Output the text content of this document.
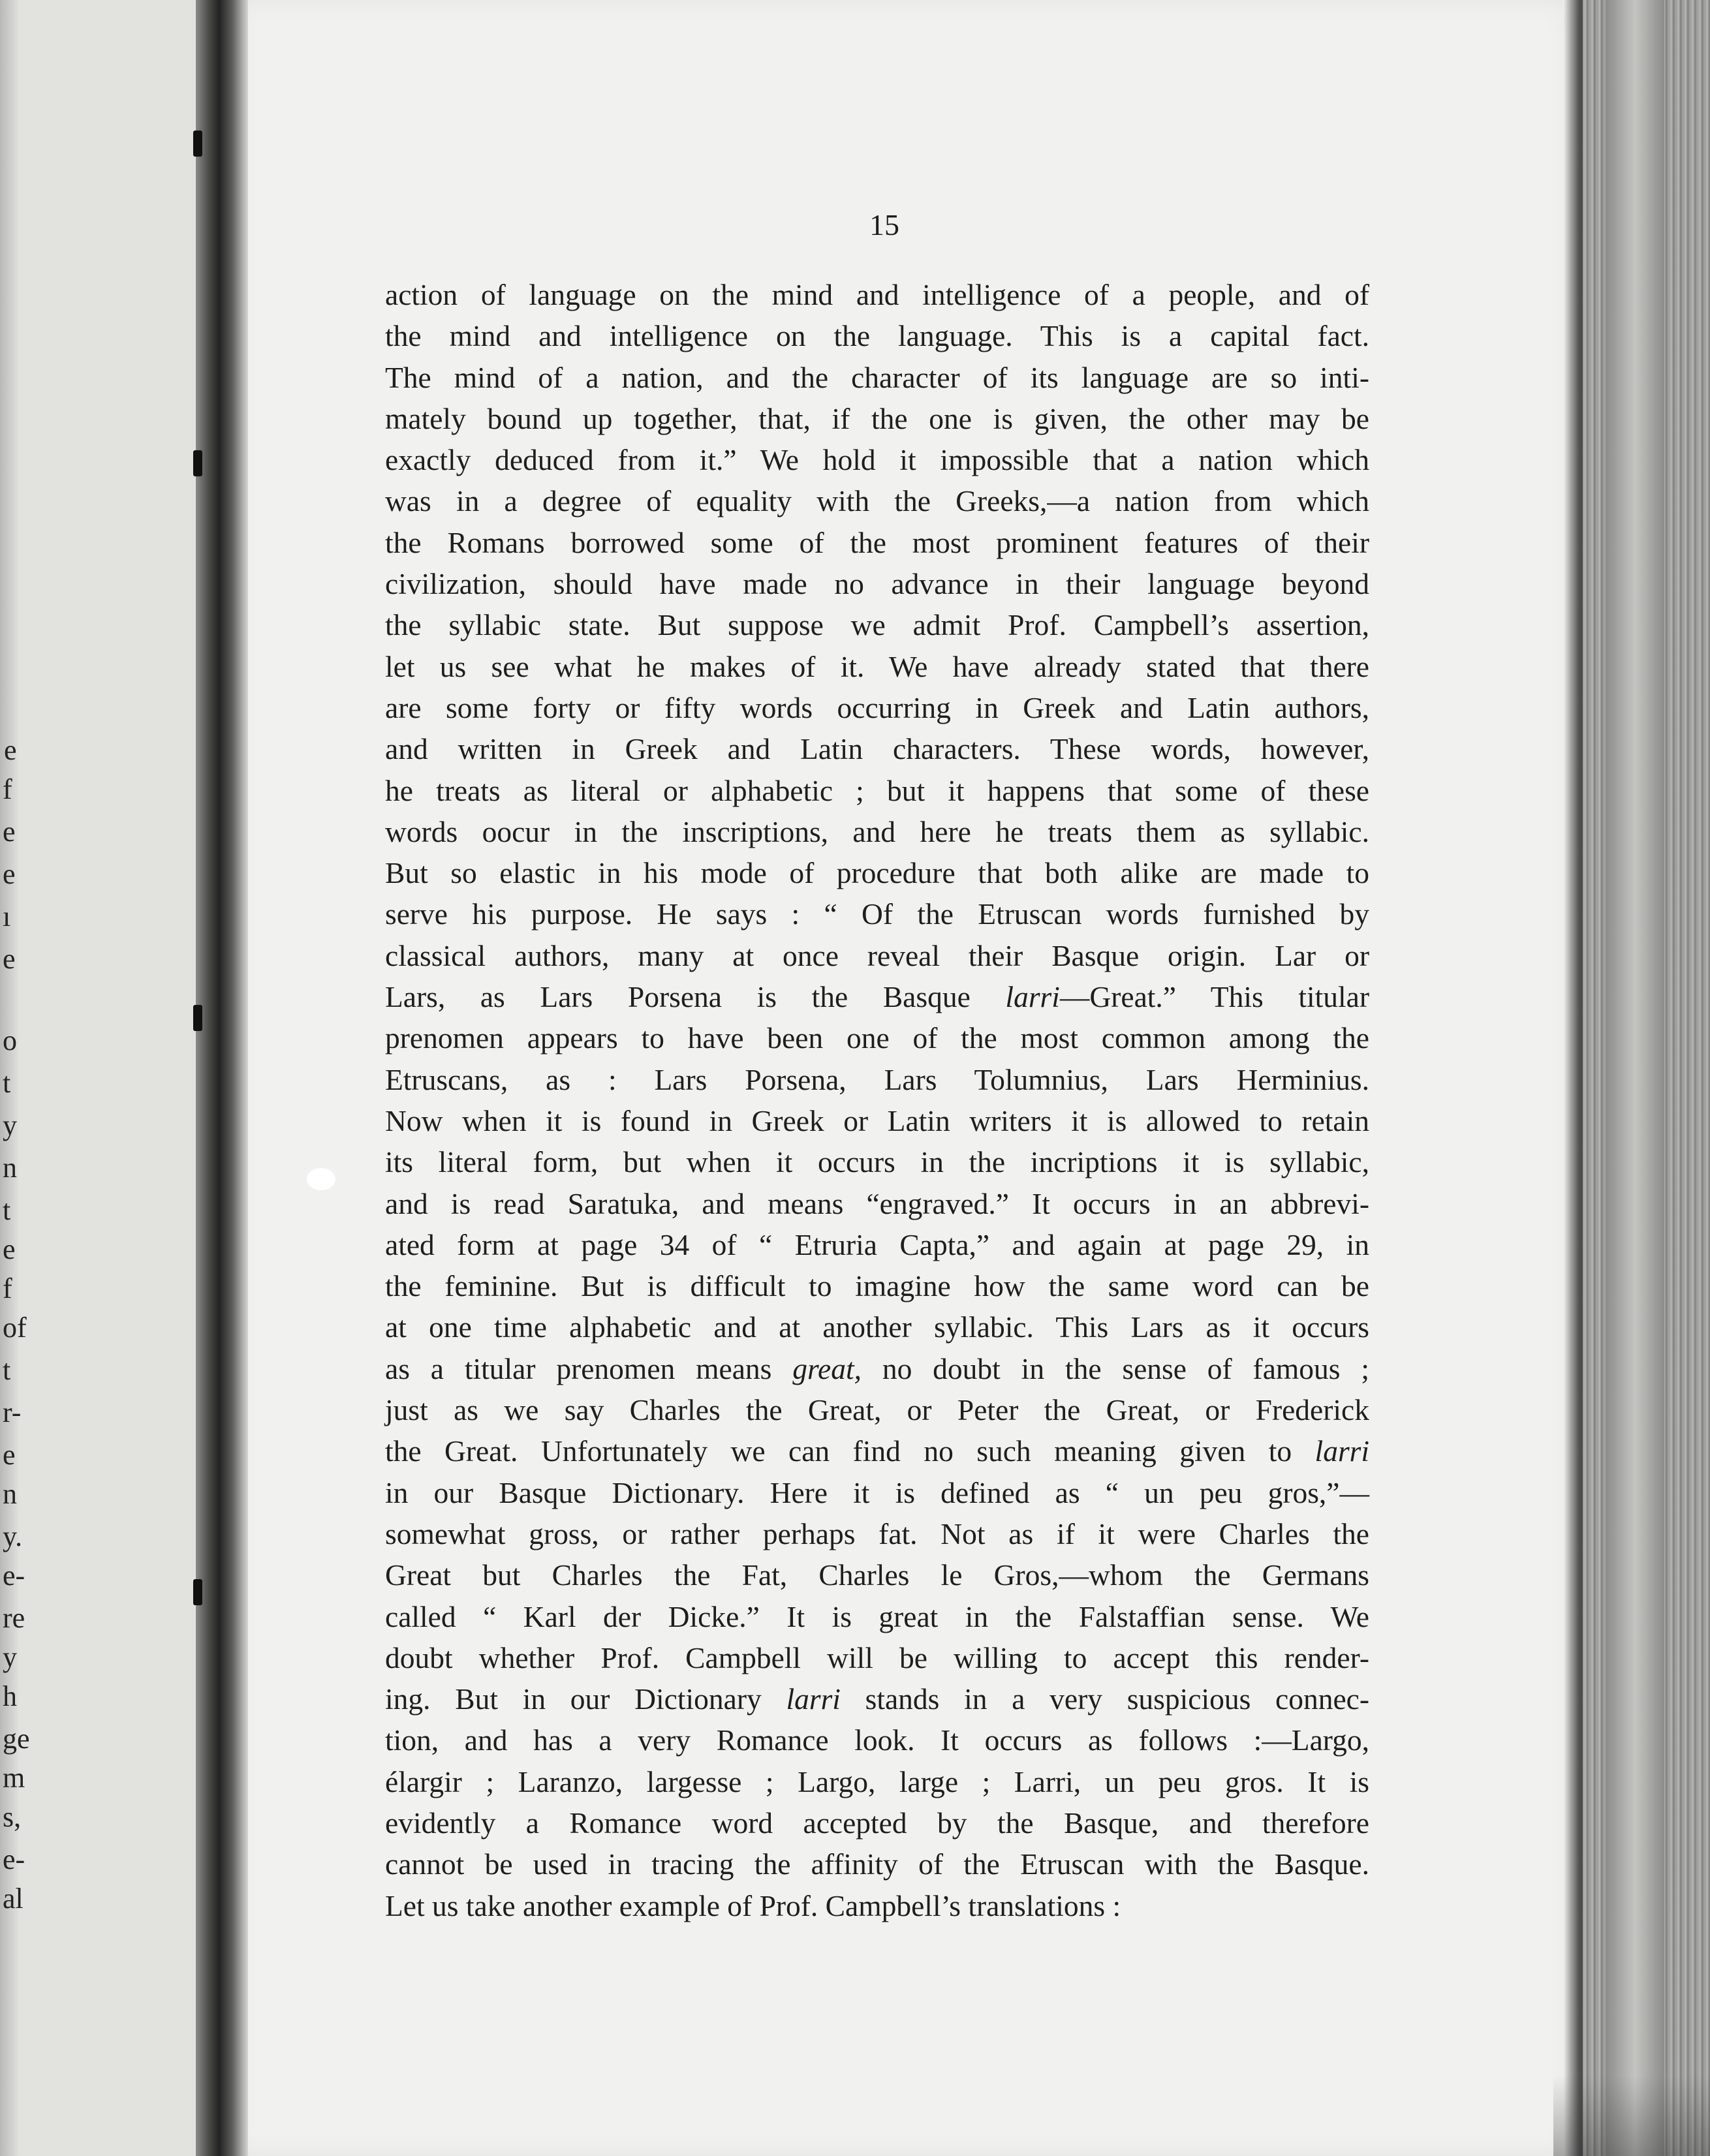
e
f
e
e
ı
e
o
t
y
n
t
e
f
of
t
r-
e
n
y.
e-
re
y
h
ge
m
s,
e-
al
15
action of language on the mind and intelligence of a people, and of
the mind and intelligence on the language. This is a capital fact.
The mind of a nation, and the character of its language are so inti-
mately bound up together, that, if the one is given, the other may be
exactly deduced from it.” We hold it impossible that a nation which
was in a degree of equality with the Greeks,—a nation from which
the Romans borrowed some of the most prominent features of their
civilization, should have made no advance in their language beyond
the syllabic state. But suppose we admit Prof. Campbell’s assertion,
let us see what he makes of it. We have already stated that there
are some forty or fifty words occurring in Greek and Latin authors,
and written in Greek and Latin characters. These words, however,
he treats as literal or alphabetic ; but it happens that some of these
words oocur in the inscriptions, and here he treats them as syllabic.
But so elastic in his mode of procedure that both alike are made to
serve his purpose. He says : “ Of the Etruscan words furnished by
classical authors, many at once reveal their Basque origin. Lar or
Lars, as Lars Porsena is the Basque larri—Great.” This titular
prenomen appears to have been one of the most common among the
Etruscans, as : Lars Porsena, Lars Tolumnius, Lars Herminius.
Now when it is found in Greek or Latin writers it is allowed to retain
its literal form, but when it occurs in the incriptions it is syllabic,
and is read Saratuka, and means “engraved.” It occurs in an abbrevi-
ated form at page 34 of “ Etruria Capta,” and again at page 29, in
the feminine. But is difficult to imagine how the same word can be
at one time alphabetic and at another syllabic. This Lars as it occurs
as a titular prenomen means great, no doubt in the sense of famous ;
just as we say Charles the Great, or Peter the Great, or Frederick
the Great. Unfortunately we can find no such meaning given to larri
in our Basque Dictionary. Here it is defined as “ un peu gros,”—
somewhat gross, or rather perhaps fat. Not as if it were Charles the
Great but Charles the Fat, Charles le Gros,—whom the Germans
called “ Karl der Dicke.” It is great in the Falstaffian sense. We
doubt whether Prof. Campbell will be willing to accept this render-
ing. But in our Dictionary larri stands in a very suspicious connec-
tion, and has a very Romance look. It occurs as follows :—Largo,
élargir ; Laranzo, largesse ; Largo, large ; Larri, un peu gros. It is
evidently a Romance word accepted by the Basque, and therefore
cannot be used in tracing the affinity of the Etruscan with the Basque.
Let us take another example of Prof. Campbell’s translations :
